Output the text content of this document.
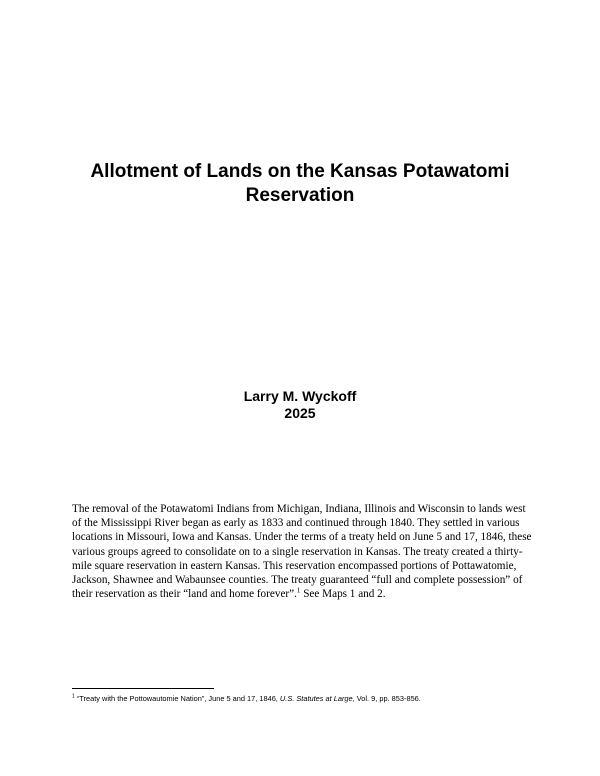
Allotment of Lands on the Kansas Potawatomi
Reservation
Larry M. Wyckoff
2025

The removal of the Potawatomi Indians from Michigan, Indiana, Illinois and Wisconsin to lands west of the Mississippi River began as early as 1833 and continued through 1840. They settled in various locations in Missouri, Iowa and Kansas. Under the terms of a treaty held on June 5 and 17, 1846, these various groups agreed to consolidate on to a single reservation in Kansas. The treaty created a thirty-mile square reservation in eastern Kansas. This reservation encompassed portions of Pottawatomie, Jackson, Shawnee and Wabaunsee counties. The treaty guaranteed “full and complete possession” of their reservation as their “land and home forever”.$^1$ See Maps 1 and 2.

$^1$ “Treaty with the Pottowautomie Nation”, June 5 and 17, 1846, U.S. Statutes at Large, Vol. 9, pp. 853-856.
